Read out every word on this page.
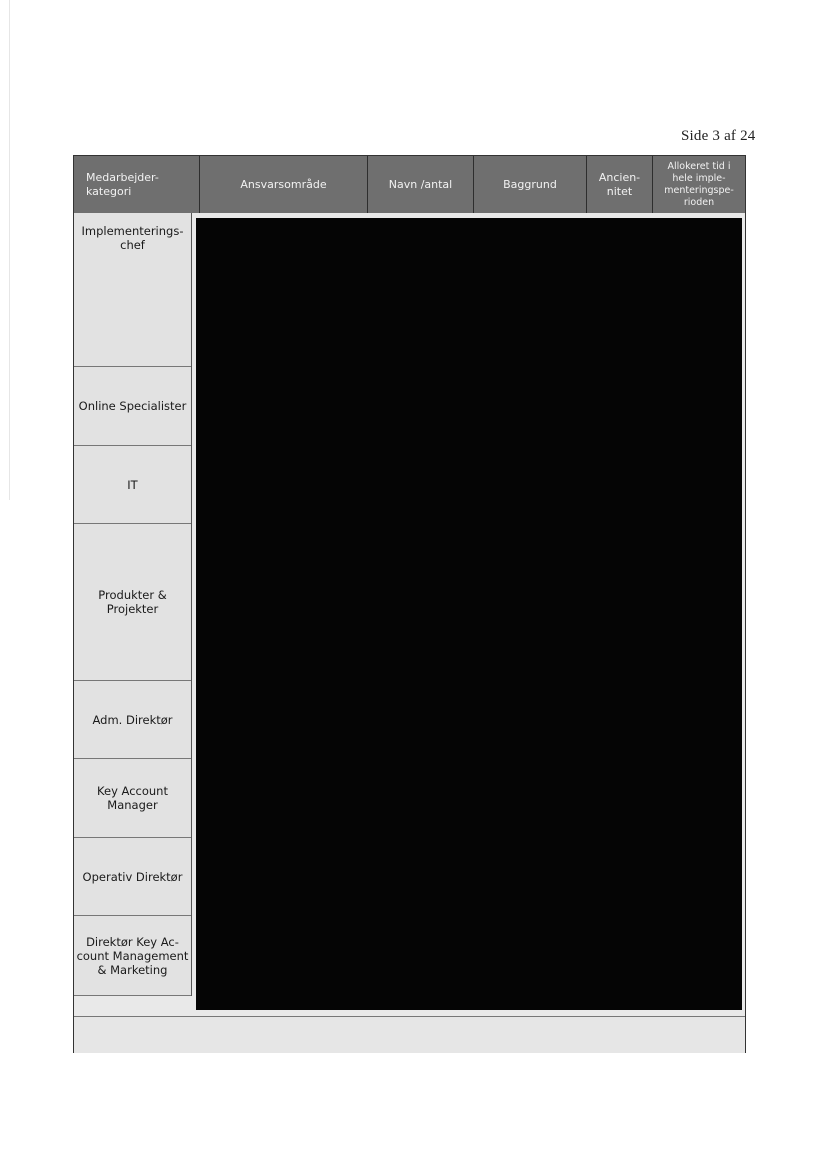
Side 3 af 24
Medarbejder-
kategori
Ansvarsområde	Navn /antal	Baggrund
Ancien-
nitet
Allokeret tid i
hele imple-
menteringspe-
rioden
Implementerings-
chef
Online Specialister
IT
Produkter &
Projekter
Adm. Direktør
Key Account
Manager
Operativ Direktør
Direktør Key Ac-
count Management
& Marketing
